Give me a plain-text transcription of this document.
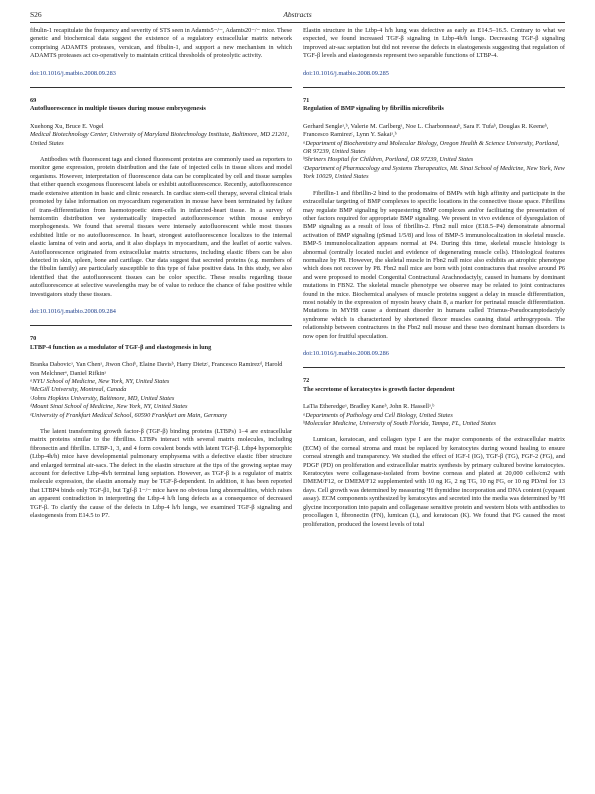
S26	Abstracts

fibulin-1 recapitulate the frequency and severity of STS seen in Adamts5−/−, Adamts20−/− mice. These genetic and biochemical data suggest the existence of a regulatory extracellular matrix network comprising ADAMTS proteases, versican, and fibulin-1, and support a new mechanism in which ADAMTS proteases act co-operatively to maintain critical thresholds of proteolytic activity.

doi:10.1016/j.matbio.2008.09.283

69

Autofluorescence in multiple tissues during mouse embryogenesis

Xuehong Xu, Bruce E. Vogel

Medical Biotechnology Center, University of Maryland Biotechnology Institute, Baltimore, MD 21201, United States

Antibodies with fluorescent tags and cloned fluorescent proteins are commonly used as reporters to monitor gene expression, protein distribution and the fate of injected cells in tissue slices and model organisms. However, interpretation of fluorescence data can be complicated by cell and tissue samples that either quench exogenous fluorescent labels or exhibit autofluorescence. Recently, autofluorescence made extensive attention in basic and clinic research. In cardiac stem-cell therapy, several clinical trials promoted by false information on myocardium regeneration in mouse have been terminated by failure of trans-differentiation from haemotopoetic stem-cells in infarcted-heart tissue. In a survey of hemicentin distribution we systematically inspected autofluorescence within mouse embryo morphogenesis. We found that several tissues were intensely autofluorescent while most tissues exhibited little or no autofluorescence. In heart, strongest autofluorescence localizes to the internal elastic lamina of vein and aorta, and it also displays in myocardium, and the leaflet of aortic valves. Autofluorescence originated from extracellular matrix structures, including elastic fibers can be also detected in skin, spleen, bone and cartilage. Our data suggest that secreted proteins (e.g. members of the fibulin family) are particularly susceptible to this type of false positive data. In this study, we also identified that the autofluorescent tissues can be color specific. These results regarding tissue autofluorescence at selective wavelengths may be of value to reduce the chance of false positive while investigators study these tissues.

doi:10.1016/j.matbio.2008.09.284

70

LTBP-4 function as a modulator of TGF-β and elastogenesis in lung

Branka Dabovicᵃ, Yan Chenᵃ, Jiwon Choiᵇ, Elaine Davisᵇ, Harry Dietzᶜ, Francesco Ramirezᵈ, Harold von Melchnerᵉ, Daniel Rifkinᵃ

ᵃNYU School of Medicine, New York, NY, United States

ᵇMcGill University, Montreal, Canada

ᶜJohns Hopkins University, Baltimore, MD, United States

ᵈMount Sinai School of Medicine, New York, NY, United States

ᵉUniversity of Frankfurt Medical School, 60590 Frankfurt am Main, Germany

The latent transforming growth factor-β (TGF-β) binding proteins (LTBPs) 1–4 are extracellular matrix proteins similar to the fibrillins. LTBPs interact with several matrix molecules, including fibronectin and fibrillin. LTBP-1, 3, and 4 form covalent bonds with latent TGF-β. Ltbp4 hypomorphic (Ltbp-4h/h) mice have developmental pulmonary emphysema with a defective elastic fiber structure and enlarged terminal air-sacs. The defect in the elastin structure at the tips of the growing septae may account for defective Ltbp-4h/h terminal lung septation. However, as TGF-β is a regulator of matrix molecule expression, the elastin anomaly may be TGF-β-dependent. In addition, it has been reported that LTBP4 binds only TGF-β1, but Tgf-β 1−/− mice have no obvious lung abnormalities, which raises an apparent contradiction in interpreting the Ltbp-4 h/h lung defects as a consequence of decreased TGF-β. To clarify the cause of the defects in Ltbp-4 h/h lungs, we examined TGF-β signaling and elastogenesis from E14.5 to P7.

Elastin structure in the Ltbp-4 h/h lung was defective as early as E14.5–16.5. Contrary to what we expected, we found increased TGF-β signaling in Ltbp-4h/h lungs. Decreasing TGF-β signaling improved air-sac septation but did not reverse the defects in elastogenesis suggesting that regulation of TGF-β levels and elastogenesis represent two separable functions of LTBP-4.

doi:10.1016/j.matbio.2008.09.285

71

Regulation of BMP signaling by fibrillin microfibrils

Gerhard Sengleᵃ,ᵇ, Valerie M. Carlbergᵃ, Noe L. Charbonneauᵇ, Sara F. Tufaᵇ, Douglas R. Keeneᵇ, Francesco Ramirezᶜ, Lynn Y. Sakaiᵃ,ᵇ

ᵃDepartment of Biochemistry and Molecular Biology, Oregon Health & Science University, Portland, OR 97239, United States

ᵇShriners Hospital for Children, Portland, OR 97239, United States

ᶜDepartment of Pharmacology and Systems Therapeutics, Mt. Sinai School of Medicine, New York, New York 10029, United States

Fibrillin-1 and fibrillin-2 bind to the prodomains of BMPs with high affinity and participate in the extracellular targeting of BMP complexes to specific locations in the connective tissue space. Fibrillins may regulate BMP signaling by sequestering BMP complexes and/or facilitating the presentation of other factors required for appropriate BMP signaling. We present in vivo evidence of dysregulation of BMP signaling as a result of loss of fibrillin-2. Fbn2 null mice (E18.5–P4) demonstrate abnormal activation of BMP signaling (pSmad 1/5/8) and loss of BMP-5 immunolocalization in skeletal muscle. BMP-5 immunolocalization appears normal at P4. During this time, skeletal muscle histology is abnormal (centrally located nuclei and evidence of degenerating muscle cells). Histological features normalize by P8. However, the skeletal muscle in Fbn2 null mice also exhibits an atrophic phenotype which does not recover by P8. Fbn2 null mice are born with joint contractures that resolve around P6 and were proposed to model Congenital Contractural Arachnodactyly, caused in humans by dominant mutations in FBN2. The skeletal muscle phenotype we observe may be related to joint contractures found in the mice. Biochemical analyses of muscle proteins suggest a delay in muscle differentiation, most notably in the expression of myosin heavy chain 8, a marker for perinatal muscle differentiation. Mutations in MYH8 cause a dominant disorder in humans called Trismus-Pseudocamptodactyly syndrome which is characterized by shortened flexor muscles causing distal arthrogryposis. The relationship between contractures in the Fbn2 null mouse and these two dominant human disorders is now open for fruitful speculation.

doi:10.1016/j.matbio.2008.09.286

72

The secretome of keratocytes is growth factor dependent

LaTia Etheredgeᵃ, Bradley Kaneᵇ, John R. Hassellᵃ,ᵇ

ᵃDepartments of Pathology and Cell Biology, United States

ᵇMolecular Medicine, University of South Florida, Tampa, FL, United States

Lumican, keratocan, and collagen type I are the major components of the extracellular matrix (ECM) of the corneal stroma and must be replaced by keratocytes during wound healing to ensure corneal strength and transparency. We studied the effect of IGF-I (IG), TGF-β (TG), FGF-2 (FG), and PDGF (PD) on proliferation and extracellular matrix synthesis by primary cultured bovine keratocytes. Keratocytes were collagenase-isolated from bovine corneas and plated at 20,000 cells/cm2 with DMEM/F12, or DMEM/F12 supplemented with 10 ng IG, 2 ng TG, 10 ng FG, or 10 ng PD/ml for 13 days. Cell growth was determined by measuring ³H thymidine incorporation and DNA content (cyquant assay). ECM components synthesized by keratocytes and secreted into the media was determined by ³H glycine incorporation into papain and collagenase sensitive protein and western blots with antibodies to procollagen I, fibronectin (FN), lumican (L), and keratocan (K). We found that FG caused the most proliferation, produced the lowest levels of total
